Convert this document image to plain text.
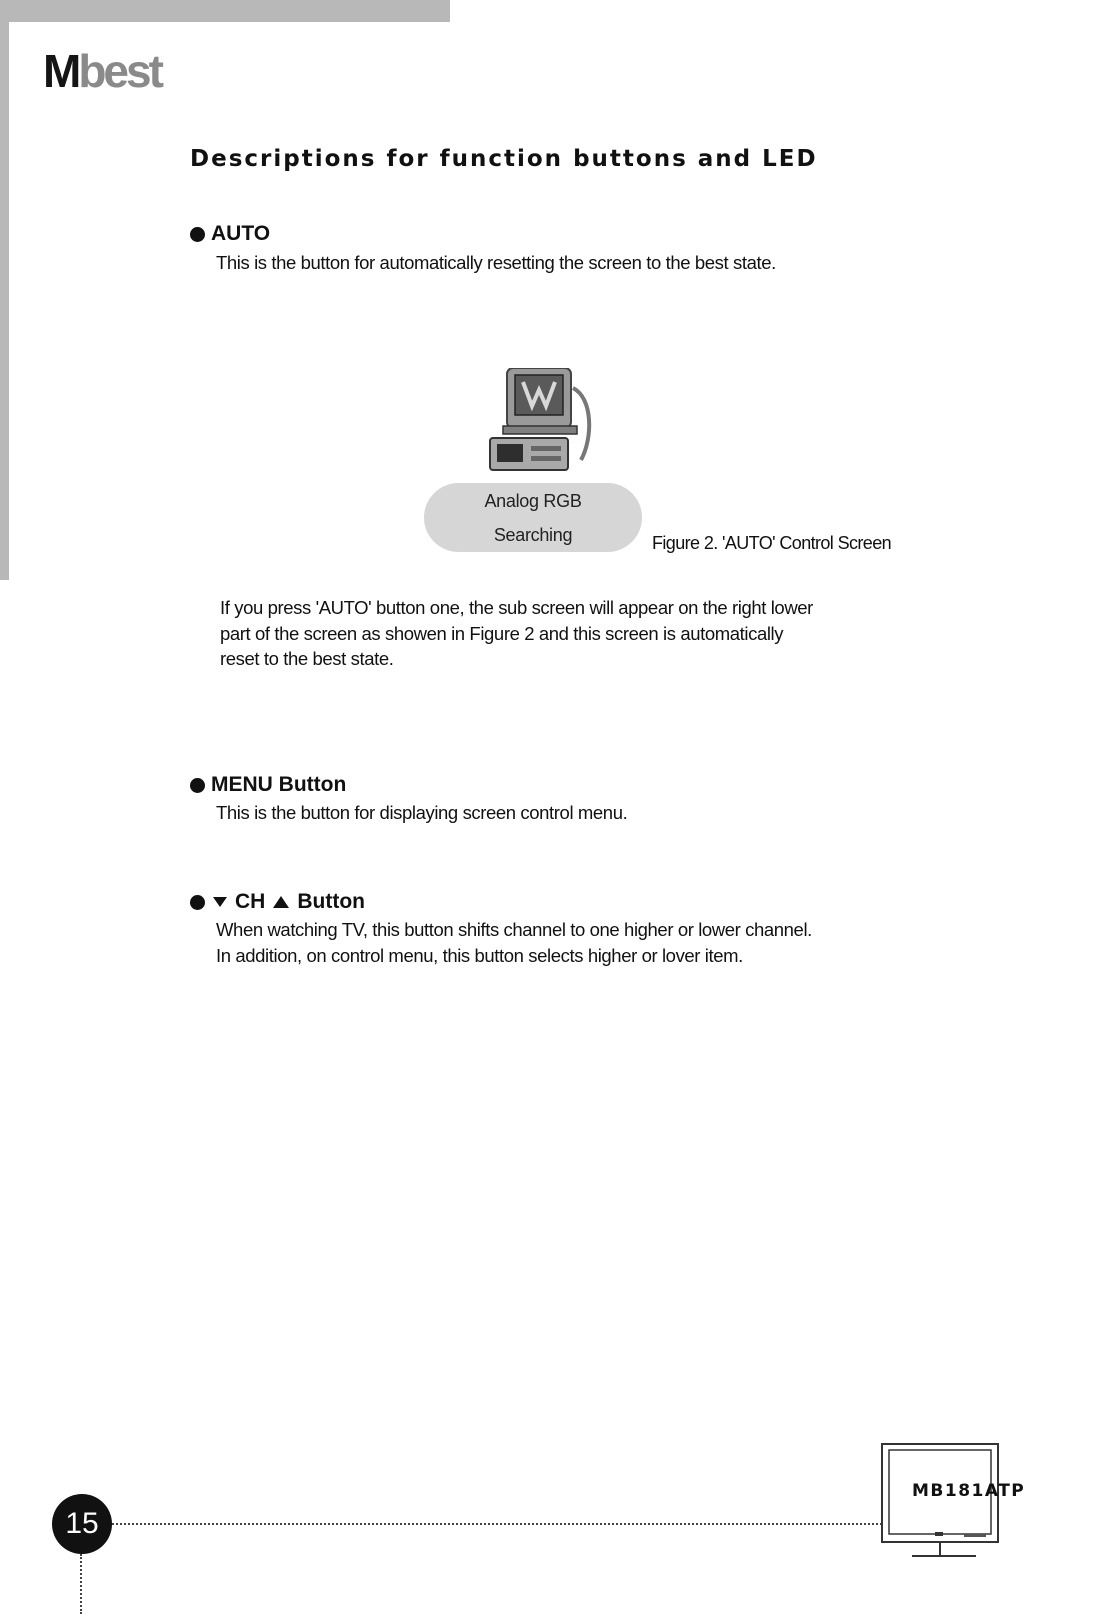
M best
Descriptions for function buttons and LED
AUTO

This is the button for automatically resetting the screen to the best state.

Analog RGB
Searching	Figure 2. 'AUTO' Control Screen

If you press 'AUTO' button one, the sub screen will appear on the right lower

part of the screen as showen in Figure 2 and this screen is automatically

reset to the best state.

MENU Button

This is the button for displaying screen control menu.

CH Button

When watching TV, this button shifts channel to one higher or lower channel.

In addition, on control menu, this button selects higher or lover item.

15
MB181ATP
